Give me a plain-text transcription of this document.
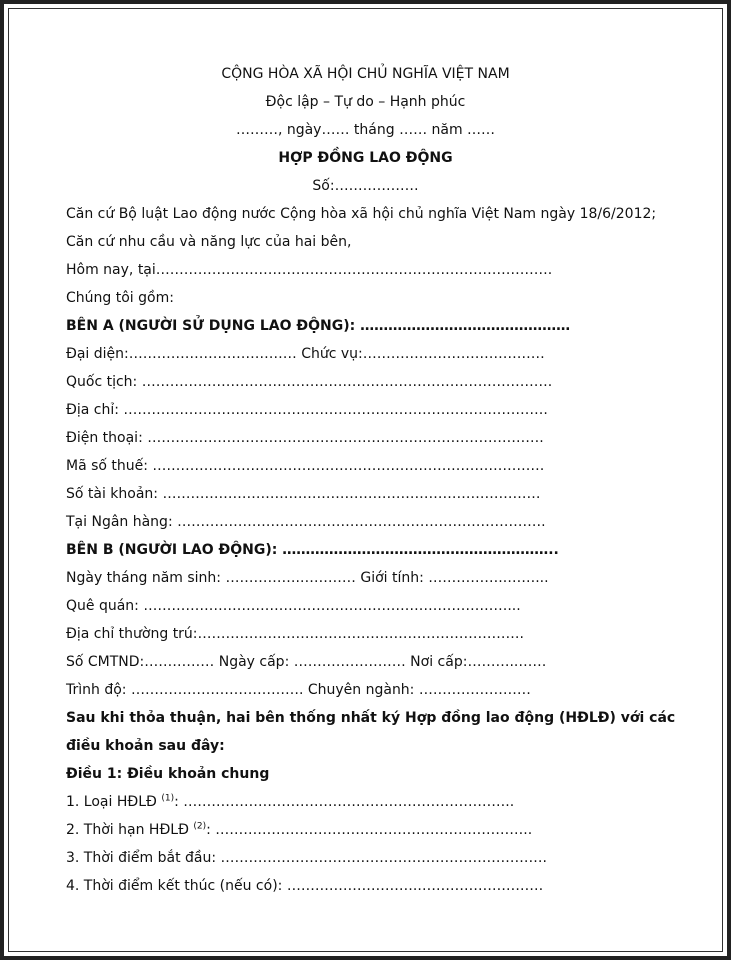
CỘNG HÒA XÃ HỘI CHỦ NGHĨA VIỆT NAM
Độc lập – Tự do – Hạnh phúc
………, ngày…… tháng …… năm ……
HỢP ĐỒNG LAO ĐỘNG
Số:………………
Căn cứ Bộ luật Lao động nước Cộng hòa xã hội chủ nghĩa Việt Nam ngày 18/6/2012;
Căn cứ nhu cầu và năng lực của hai bên,
Hôm nay, tại………………………………………………………………………….
Chúng tôi gồm:
BÊN A (NGƯỜI SỬ DỤNG LAO ĐỘNG): ………………………………………
Đại diện:……………………………… Chức vụ:…………………………………
Quốc tịch: …………………………………………………………………………….
Địa chỉ: ……………………………………………………………………………….
Điện thoại: ………………………………………………………………………….
Mã số thuế: …………………………………………………………………………
Số tài khoản: ………………………………………………………………………
Tại Ngân hàng: …………………………………………………………………….
BÊN B (NGƯỜI LAO ĐỘNG): …………………………………………………..
Ngày tháng năm sinh: …………….………… Giới tính: ……………..……...
Quê quán: ……………………………………………………………………...
Địa chỉ thường trú:…………………………………………………………….
Số CMTND:…………… Ngày cấp: …………………… Nơi cấp:………..……
Trình độ: ………………………………. Chuyên ngành: ……………………
Sau khi thỏa thuận, hai bên thống nhất ký Hợp đồng lao động (HĐLĐ) với các
điều khoản sau đây:
Điều 1: Điều khoản chung
1. Loại HĐLĐ $^{(1)}$: ……………………………………………………………..
2. Thời hạn HĐLĐ $^{(2)}$: …………………………………………………………..
3. Thời điểm bắt đầu: …………………………………………………………….
4. Thời điểm kết thúc (nếu có): ……………………….………………………
